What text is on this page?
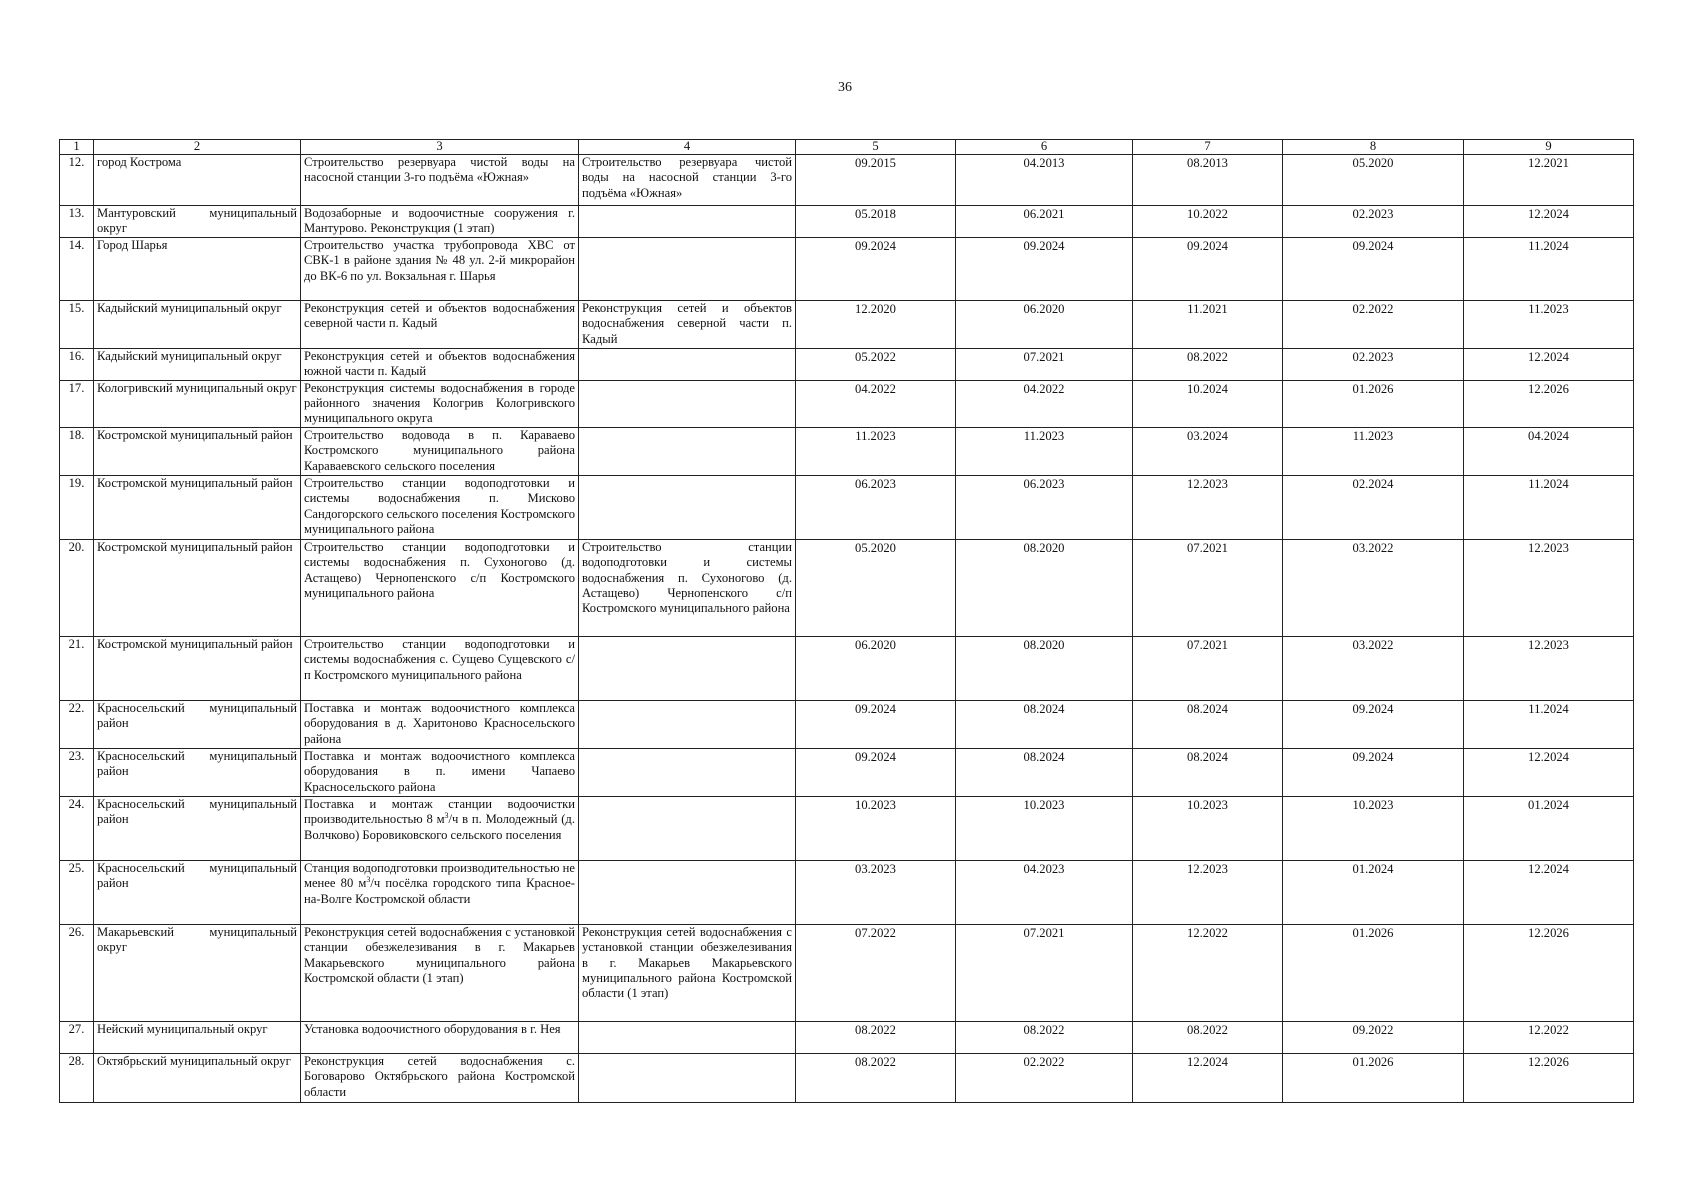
36
1	2	3	4	5	6	7	8	9
12.	город Кострома	Строительство резервуара чистой воды на насосной станции 3-го подъёма «Южная»	Строительство резервуара чистой воды на насосной станции 3-го подъёма «Южная»	09.2015	04.2013	08.2013	05.2020	12.2021
13.	Мантуровский муниципальный округ	Водозаборные и водоочистные сооружения г. Мантурово. Реконструкция (1 этап)		05.2018	06.2021	10.2022	02.2023	12.2024
14.	Город Шарья	Строительство участка трубопровода ХВС от СВК-1 в районе здания № 48 ул. 2-й микрорайон до ВК-6 по ул. Вокзальная г. Шарья		09.2024	09.2024	09.2024	09.2024	11.2024
15.	Кадыйский муниципальный округ	Реконструкция сетей и объектов водоснабжения северной части п. Кадый	Реконструкция сетей и объектов водоснабжения северной части п. Кадый	12.2020	06.2020	11.2021	02.2022	11.2023
16.	Кадыйский муниципальный округ	Реконструкция сетей и объектов водоснабжения южной части п. Кадый		05.2022	07.2021	08.2022	02.2023	12.2024
17.	Кологривский муниципальный округ	Реконструкция системы водоснабжения в городе районного значения Кологрив Кологривского муниципального округа		04.2022	04.2022	10.2024	01.2026	12.2026
18.	Костромской муниципальный район	Строительство водовода в п. Караваево Костромского муниципального района Караваевского сельского поселения		11.2023	11.2023	03.2024	11.2023	04.2024
19.	Костромской муниципальный район	Строительство станции водоподготовки и системы водоснабжения п. Мисково Сандогорского сельского поселения Костромского муниципального района		06.2023	06.2023	12.2023	02.2024	11.2024
20.	Костромской муниципальный район	Строительство станции водоподготовки и системы водоснабжения п. Сухоногово (д. Астащево) Чернопенского с/п Костромского муниципального района	Строительство станции водоподготовки и системы водоснабжения п. Сухоногово (д. Астащево) Чернопенского с/п Костромского муниципального района	05.2020	08.2020	07.2021	03.2022	12.2023
21.	Костромской муниципальный район	Строительство станции водоподготовки и системы водоснабжения с. Сущево Сущевского с/п Костромского муниципального района		06.2020	08.2020	07.2021	03.2022	12.2023
22.	Красносельский муниципальный район	Поставка и монтаж водоочистного комплекса оборудования в д. Харитоново Красносельского района		09.2024	08.2024	08.2024	09.2024	11.2024
23.	Красносельский муниципальный район	Поставка и монтаж водоочистного комплекса оборудования в п. имени Чапаево Красносельского района		09.2024	08.2024	08.2024	09.2024	12.2024
24.	Красносельский муниципальный район	Поставка и монтаж станции водоочистки производительностью 8 $м^3/ч$ в п. Молодежный (д. Волчково) Боровиковского сельского поселения		10.2023	10.2023	10.2023	10.2023	01.2024
25.	Красносельский муниципальный район	Станция водоподготовки производительностью не менее 80 $м^3/ч$ посёлка городского типа Красное-на-Волге Костромской области		03.2023	04.2023	12.2023	01.2024	12.2024
26.	Макарьевский муниципальный округ	Реконструкция сетей водоснабжения с установкой станции обезжелезивания в г. Макарьев Макарьевского муниципального района Костромской области (1 этап)	Реконструкция сетей водоснабжения с установкой станции обезжелезивания в г. Макарьев Макарьевского муниципального района Костромской области (1 этап)	07.2022	07.2021	12.2022	01.2026	12.2026
27.	Нейский муниципальный округ	Установка водоочистного оборудования в г. Нея		08.2022	08.2022	08.2022	09.2022	12.2022
28.	Октябрьский муниципальный округ	Реконструкция сетей водоснабжения с. Боговарово Октябрьского района Костромской области		08.2022	02.2022	12.2024	01.2026	12.2026
